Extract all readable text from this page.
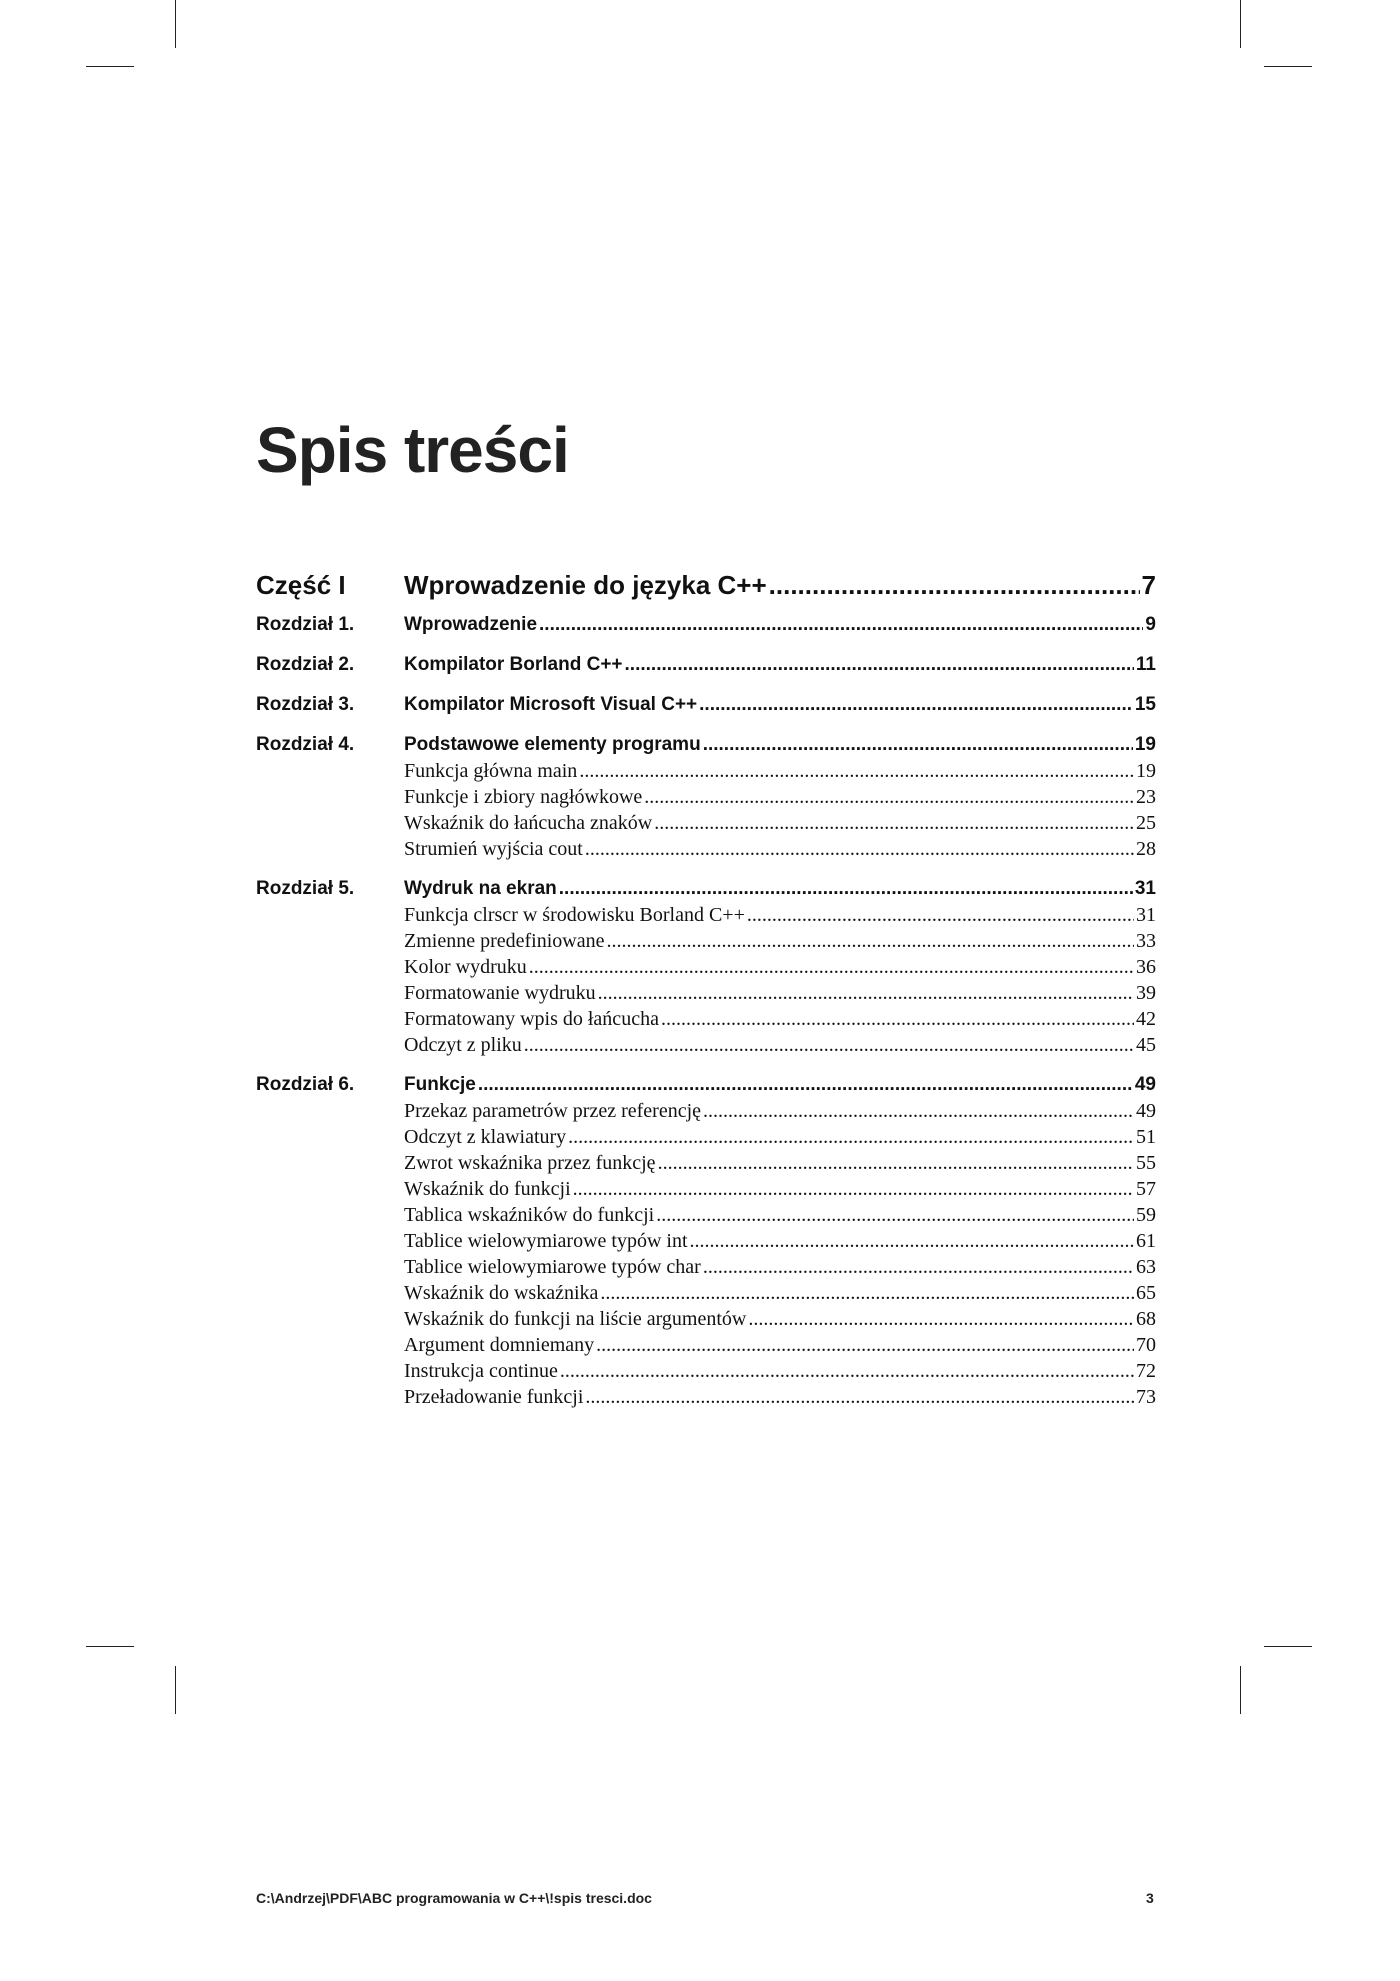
Spis treści
Część I	Wprowadzenie do języka C++ .....	7
Rozdział 1.	Wprowadzenie .....	9
Rozdział 2.	Kompilator Borland C++ .....	11
Rozdział 3.	Kompilator Microsoft Visual C++ .....	15
Rozdział 4.	Podstawowe elementy programu .....	19
Funkcja główna main .....	19
Funkcje i zbiory nagłówkowe .....	23
Wskaźnik do łańcucha znaków .....	25
Strumień wyjścia cout .....	28
Rozdział 5.	Wydruk na ekran .....	31
Funkcja clrscr w środowisku Borland C++ .....	31
Zmienne predefiniowane .....	33
Kolor wydruku .....	36
Formatowanie wydruku .....	39
Formatowany wpis do łańcucha .....	42
Odczyt z pliku .....	45
Rozdział 6.	Funkcje .....	49
Przekaz parametrów przez referencję .....	49
Odczyt z klawiatury .....	51
Zwrot wskaźnika przez funkcję .....	55
Wskaźnik do funkcji .....	57
Tablica wskaźników do funkcji .....	59
Tablice wielowymiarowe typów int .....	61
Tablice wielowymiarowe typów char .....	63
Wskaźnik do wskaźnika .....	65
Wskaźnik do funkcji na liście argumentów .....	68
Argument domniemany .....	70
Instrukcja continue .....	72
Przeładowanie funkcji .....	73
C:\Andrzej\PDF\ABC programowania w C++\!spis tresci.doc	3
